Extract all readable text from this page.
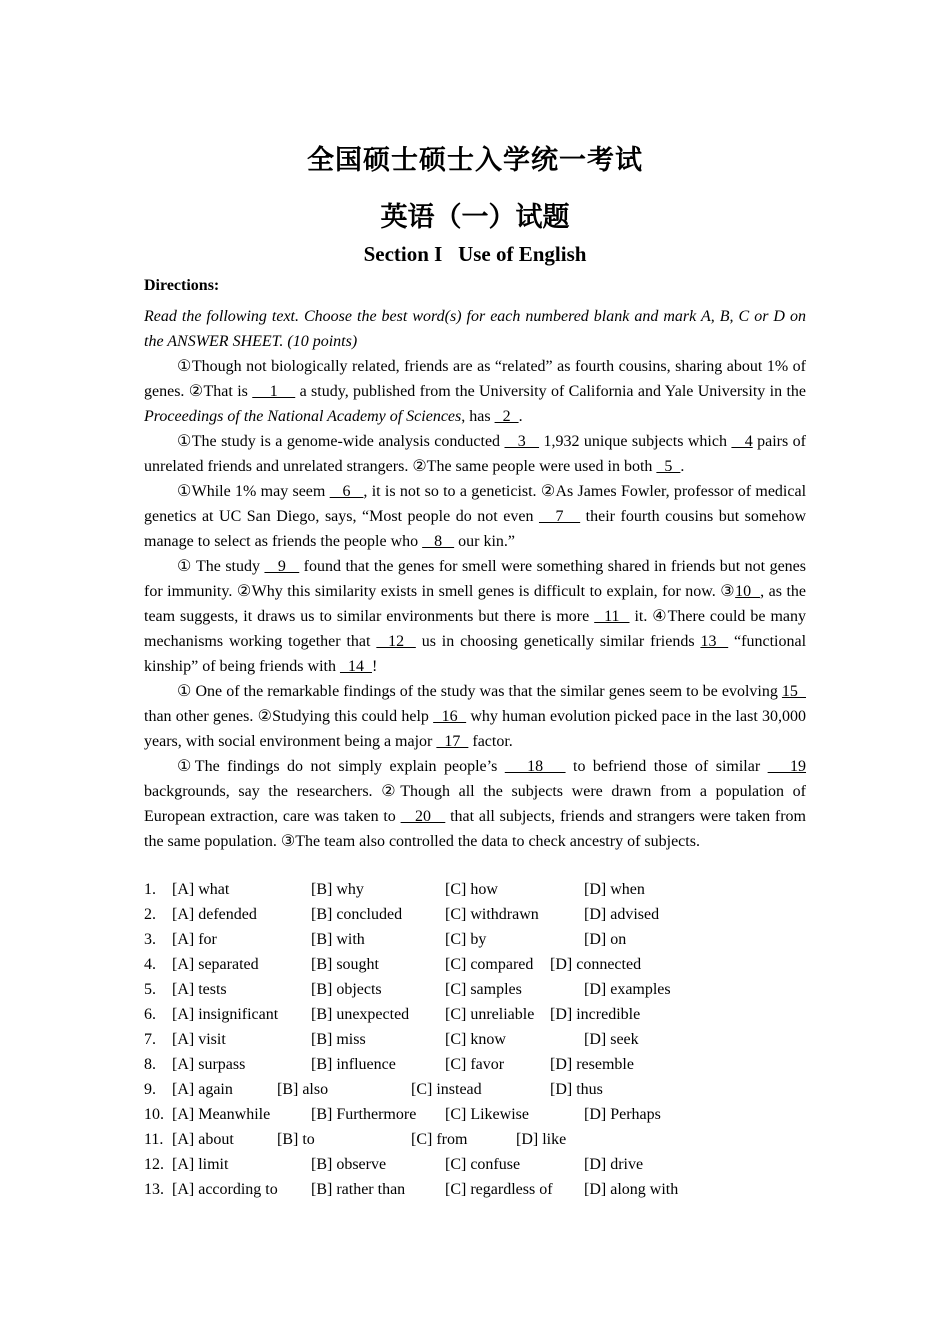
全国硕士硕士入学统一考试
英语（一）试题
Section I   Use of English

Directions:

Read the following text. Choose the best word(s) for each numbered blank and mark A, B, C or D on the ANSWER SHEET. (10 points)

①Though not biologically related, friends are as “related” as fourth cousins, sharing about 1% of genes. ②That is     1     a study, published from the University of California and Yale University in the Proceedings of the National Academy of Sciences, has   2  .

①The study is a genome-wide analysis conducted    3    1,932 unique subjects which    4 pairs of unrelated friends and unrelated strangers. ②The same people were used in both   5  .

①While 1% may seem    6   , it is not so to a geneticist. ②As James Fowler, professor of medical genetics at UC San Diego, says, “Most people do not even    7    their fourth cousins but somehow manage to select as friends the people who    8    our kin.”

① The study    9    found that the genes for smell were something shared in friends but not genes for immunity. ②Why this similarity exists in smell genes is difficult to explain, for now. ③10  , as the team suggests, it draws us to similar environments but there is more   11   it. ④There could be many mechanisms working together that   12   us in choosing genetically similar friends 13   “functional kinship” of being friends with   14  !

① One of the remarkable findings of the study was that the similar genes seem to be evolving 15   than other genes. ②Studying this could help   16   why human evolution picked pace in the last 30,000 years, with social environment being a major   17   factor.

①The findings do not simply explain people’s    18    to befriend those of similar    19 backgrounds, say the researchers. ②Though all the subjects were drawn from a population of European extraction, care was taken to    20    that all subjects, friends and strangers were taken from the same population. ③The team also controlled the data to check ancestry of subjects.

1. [A] what	[B] why	[C] how	[D] when
2. [A] defended	[B] concluded	[C] withdrawn	[D] advised
3. [A] for	[B] with	[C] by	[D] on
4. [A] separated	[B] sought	[C] compared [D] connected
5. [A] tests	[B] objects	[C] samples	[D] examples
6. [A] insignificant [B] unexpected [C] unreliable [D] incredible
7. [A] visit	[B] miss	[C] know	[D] seek
8. [A] surpass	[B] influence	[C] favor	[D] resemble
9. [A] again	[B] also	[C] instead	[D] thus
10. [A] Meanwhile	[B] Furthermore [C] Likewise	[D] Perhaps
11. [A] about	[B] to	[C] from	[D] like
12. [A] limit	[B] observe	[C] confuse	[D] drive
13. [A] according to [B] rather than [C] regardless of [D] along with
